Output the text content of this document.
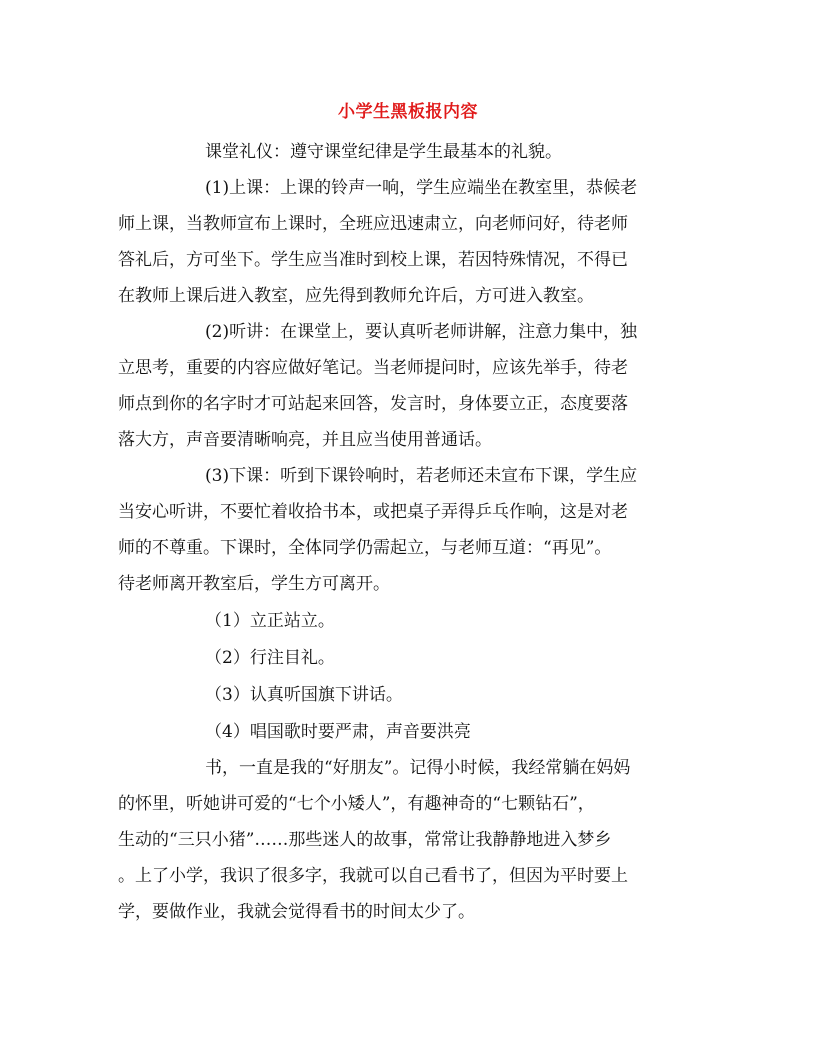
小学生黑板报内容
课堂礼仪：遵守课堂纪律是学生最基本的礼貌。
(1)上课：上课的铃声一响，学生应端坐在教室里，恭候老
师上课，当教师宣布上课时，全班应迅速肃立，向老师问好，待老师
答礼后，方可坐下。学生应当准时到校上课，若因特殊情况，不得已
在教师上课后进入教室，应先得到教师允许后，方可进入教室。
(2)听讲：在课堂上，要认真听老师讲解，注意力集中，独
立思考，重要的内容应做好笔记。当老师提问时，应该先举手，待老
师点到你的名字时才可站起来回答，发言时，身体要立正，态度要落
落大方，声音要清晰响亮，并且应当使用普通话。
(3)下课：听到下课铃响时，若老师还未宣布下课，学生应
当安心听讲，不要忙着收拾书本，或把桌子弄得乒乓作响，这是对老
师的不尊重。下课时，全体同学仍需起立，与老师互道：“再见”。
待老师离开教室后，学生方可离开。
（1）立正站立。
（2）行注目礼。
（3）认真听国旗下讲话。
（4）唱国歌时要严肃，声音要洪亮
书，一直是我的“好朋友”。记得小时候，我经常躺在妈妈
的怀里，听她讲可爱的“七个小矮人”，有趣神奇的“七颗钻石”，
生动的“三只小猪”……那些迷人的故事，常常让我静静地进入梦乡
。上了小学，我识了很多字，我就可以自己看书了，但因为平时要上
学，要做作业，我就会觉得看书的时间太少了。
